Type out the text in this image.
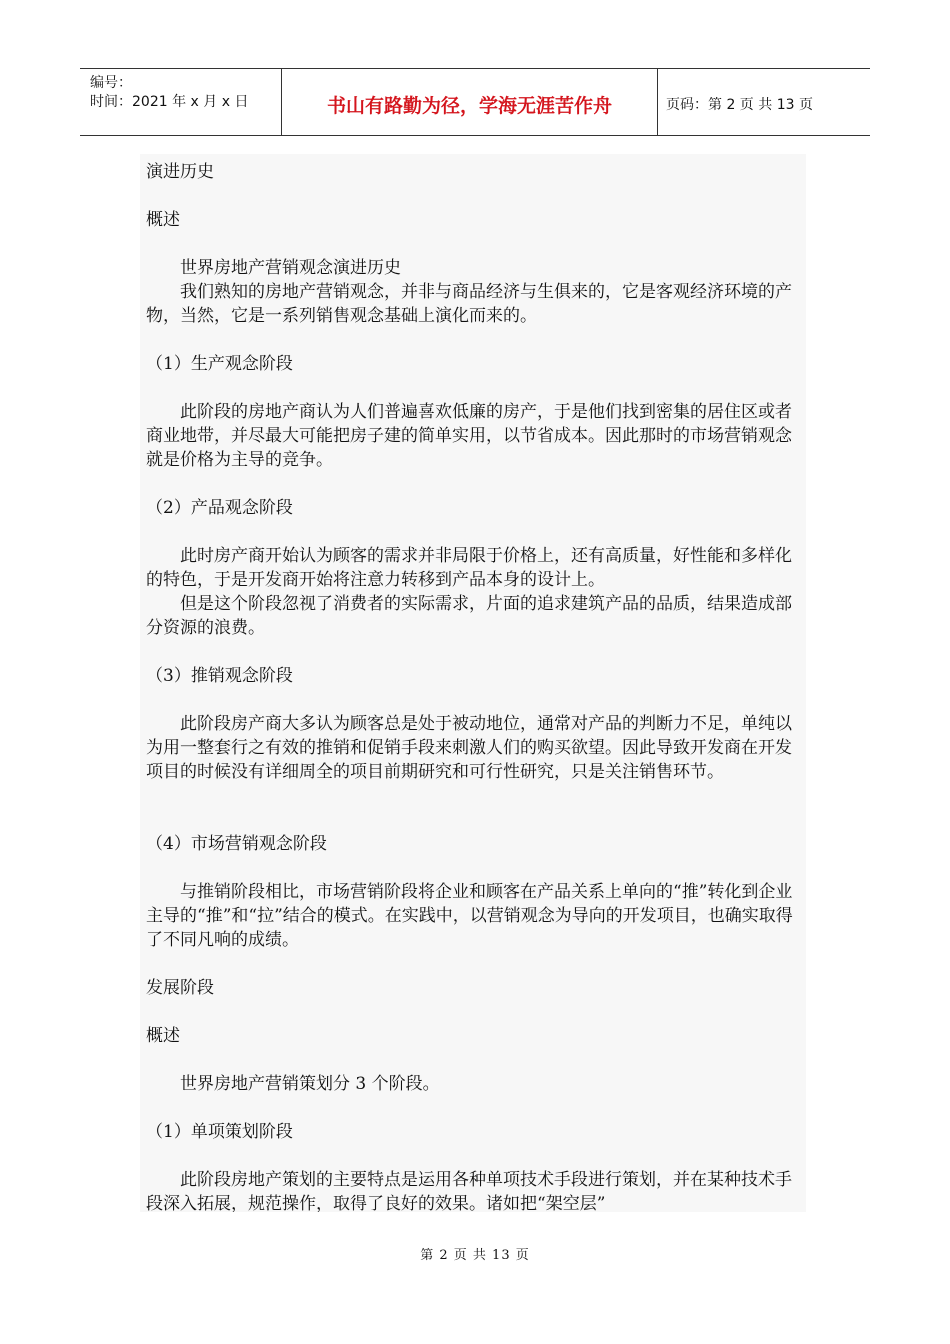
编号：
时间：2021 年 x 月 x 日	书山有路勤为径，学海无涯苦作舟	页码：第 2 页 共 13 页

演进历史

概述

世界房地产营销观念演进历史

我们熟知的房地产营销观念，并非与商品经济与生俱来的，它是客观经济环境的产物，当然，它是一系列销售观念基础上演化而来的。

（1）生产观念阶段

此阶段的房地产商认为人们普遍喜欢低廉的房产，于是他们找到密集的居住区或者商业地带，并尽最大可能把房子建的简单实用，以节省成本。因此那时的市场营销观念就是价格为主导的竞争。

（2）产品观念阶段

此时房产商开始认为顾客的需求并非局限于价格上，还有高质量，好性能和多样化的特色，于是开发商开始将注意力转移到产品本身的设计上。

但是这个阶段忽视了消费者的实际需求，片面的追求建筑产品的品质，结果造成部分资源的浪费。

（3）推销观念阶段

此阶段房产商大多认为顾客总是处于被动地位，通常对产品的判断力不足，单纯以为用一整套行之有效的推销和促销手段来刺激人们的购买欲望。因此导致开发商在开发项目的时候没有详细周全的项目前期研究和可行性研究，只是关注销售环节。

（4）市场营销观念阶段

与推销阶段相比，市场营销阶段将企业和顾客在产品关系上单向的“推”转化到企业主导的“推”和“拉”结合的模式。在实践中，以营销观念为导向的开发项目，也确实取得了不同凡响的成绩。

发展阶段

概述

世界房地产营销策划分 3 个阶段。

（1）单项策划阶段

此阶段房地产策划的主要特点是运用各种单项技术手段进行策划，并在某种技术手段深入拓展，规范操作，取得了良好的效果。诸如把“架空层”

第 2 页 共 13 页
